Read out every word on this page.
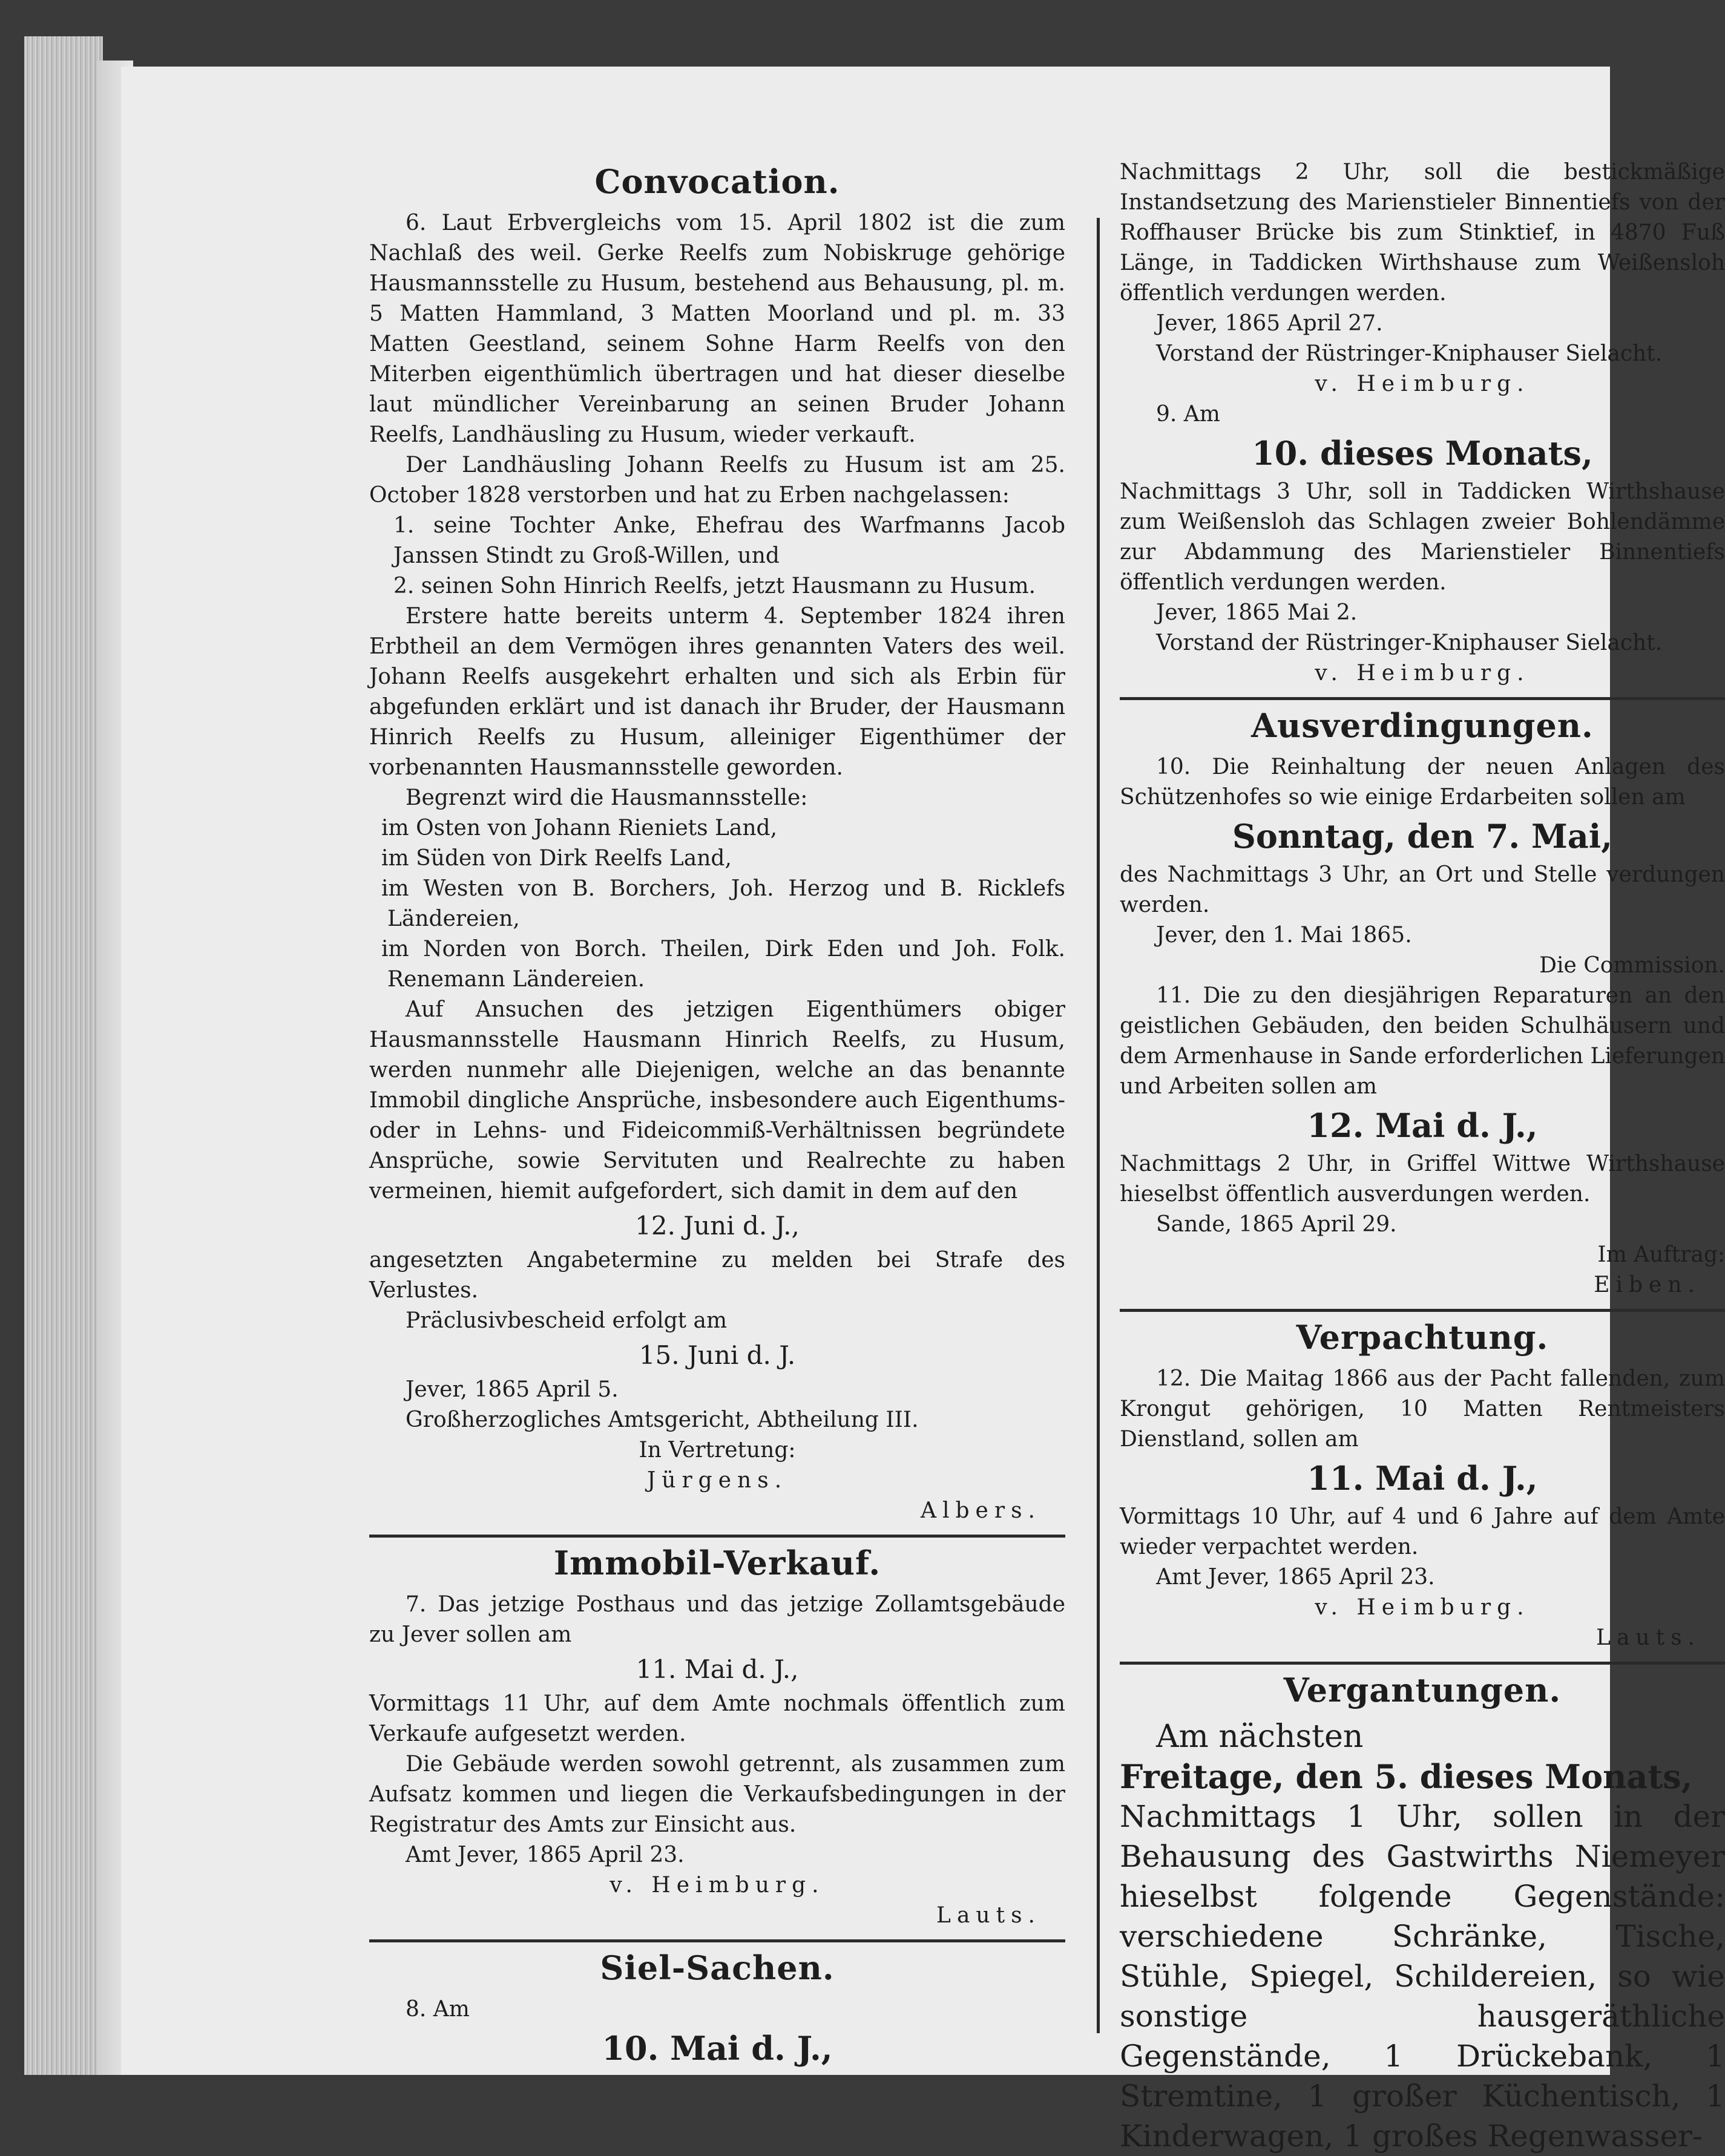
Convocation.

6. Laut Erbvergleichs vom 15. April 1802 ist die zum Nachlaß des weil. Gerke Reelfs zum Nobiskruge gehörige Hausmannsstelle zu Husum, bestehend aus Behausung, pl. m. 5 Matten Hammland, 3 Matten Moorland und pl. m. 33 Matten Geestland, seinem Sohne Harm Reelfs von den Miterben eigenthümlich übertragen und hat dieser dieselbe laut mündlicher Vereinbarung an seinen Bruder Johann Reelfs, Landhäusling zu Husum, wieder verkauft.

Der Landhäusling Johann Reelfs zu Husum ist am 25. October 1828 verstorben und hat zu Erben nachgelassen:

1. seine Tochter Anke, Ehefrau des Warfmanns Jacob Janssen Stindt zu Groß-Willen, und
2. seinen Sohn Hinrich Reelfs, jetzt Hausmann zu Husum.

Erstere hatte bereits unterm 4. September 1824 ihren Erbtheil an dem Vermögen ihres genannten Vaters des weil. Johann Reelfs ausgekehrt erhalten und sich als Erbin für abgefunden erklärt und ist danach ihr Bruder, der Hausmann Hinrich Reelfs zu Husum, alleiniger Eigenthümer der vorbenannten Hausmannsstelle geworden.

Begrenzt wird die Hausmannsstelle:

im Osten von Johann Rieniets Land,

im Süden von Dirk Reelfs Land,

im Westen von B. Borchers, Joh. Herzog und B. Ricklefs Ländereien,

im Norden von Borch. Theilen, Dirk Eden und Joh. Folk. Renemann Ländereien.

Auf Ansuchen des jetzigen Eigenthümers obiger Hausmannsstelle Hausmann Hinrich Reelfs, zu Husum, werden nunmehr alle Diejenigen, welche an das benannte Immobil dingliche Ansprüche, insbesondere auch Eigenthums- oder in Lehns- und Fideicommiß-Verhältnissen begründete Ansprüche, sowie Servituten und Realrechte zu haben vermeinen, hiemit aufgefordert, sich damit in dem auf den

12. Juni d. J.,

angesetzten Angabetermine zu melden bei Strafe des Verlustes.

Präclusivbescheid erfolgt am

15. Juni d. J.

Jever, 1865 April 5.

Großherzogliches Amtsgericht, Abtheilung III.

In Vertretung:

Jürgens.
Albers.
Immobil-Verkauf.

7. Das jetzige Posthaus und das jetzige Zollamtsgebäude zu Jever sollen am

11. Mai d. J.,

Vormittags 11 Uhr, auf dem Amte nochmals öffentlich zum Verkaufe aufgesetzt werden.

Die Gebäude werden sowohl getrennt, als zusammen zum Aufsatz kommen und liegen die Verkaufsbedingungen in der Registratur des Amts zur Einsicht aus.

Amt Jever, 1865 April 23.

v. Heimburg.
Lauts.
Siel-Sachen.

8. Am

10. Mai d. J.,

Nachmittags 2 Uhr, soll die bestickmäßige Instandsetzung des Marienstieler Binnentiefs von der Roffhauser Brücke bis zum Stinktief, in 4870 Fuß Länge, in Taddicken Wirthshause zum Weißensloh öffentlich verdungen werden.

Jever, 1865 April 27.

Vorstand der Rüstringer-Kniphauser Sielacht.

v. Heimburg.

9. Am

10. dieses Monats,

Nachmittags 3 Uhr, soll in Taddicken Wirthshause zum Weißensloh das Schlagen zweier Bohlendämme zur Abdammung des Marienstieler Binnentiefs öffentlich verdungen werden.

Jever, 1865 Mai 2.

Vorstand der Rüstringer-Kniphauser Sielacht.

v. Heimburg.
Ausverdingungen.

10. Die Reinhaltung der neuen Anlagen des Schützenhofes so wie einige Erdarbeiten sollen am

Sonntag, den 7. Mai,

des Nachmittags 3 Uhr, an Ort und Stelle verdungen werden.

Jever, den 1. Mai 1865.

Die Commission.

11. Die zu den diesjährigen Reparaturen an den geistlichen Gebäuden, den beiden Schulhäusern und dem Armenhause in Sande erforderlichen Lieferungen und Arbeiten sollen am

12. Mai d. J.,

Nachmittags 2 Uhr, in Griffel Wittwe Wirthshause hieselbst öffentlich ausverdungen werden.

Sande, 1865 April 29.

Im Auftrag:

Eiben.
Verpachtung.

12. Die Maitag 1866 aus der Pacht fallenden, zum Krongut gehörigen, 10 Matten Rentmeisters Dienstland, sollen am

11. Mai d. J.,

Vormittags 10 Uhr, auf 4 und 6 Jahre auf dem Amte wieder verpachtet werden.

Amt Jever, 1865 April 23.

v. Heimburg.
Lauts.
Vergantungen.

Am nächsten

Freitage, den 5. dieses Monats,

Nachmittags 1 Uhr, sollen in der Behausung des Gastwirths Niemeyer hieselbst folgende Gegenstände: verschiedene Schränke, Tische, Stühle, Spiegel, Schildereien, so wie sonstige hausgeräthliche Gegenstände, 1 Drückebank, 1 Stremtine, 1 großer Küchentisch, 1 Kinderwagen, 1 großes Regenwasser-
